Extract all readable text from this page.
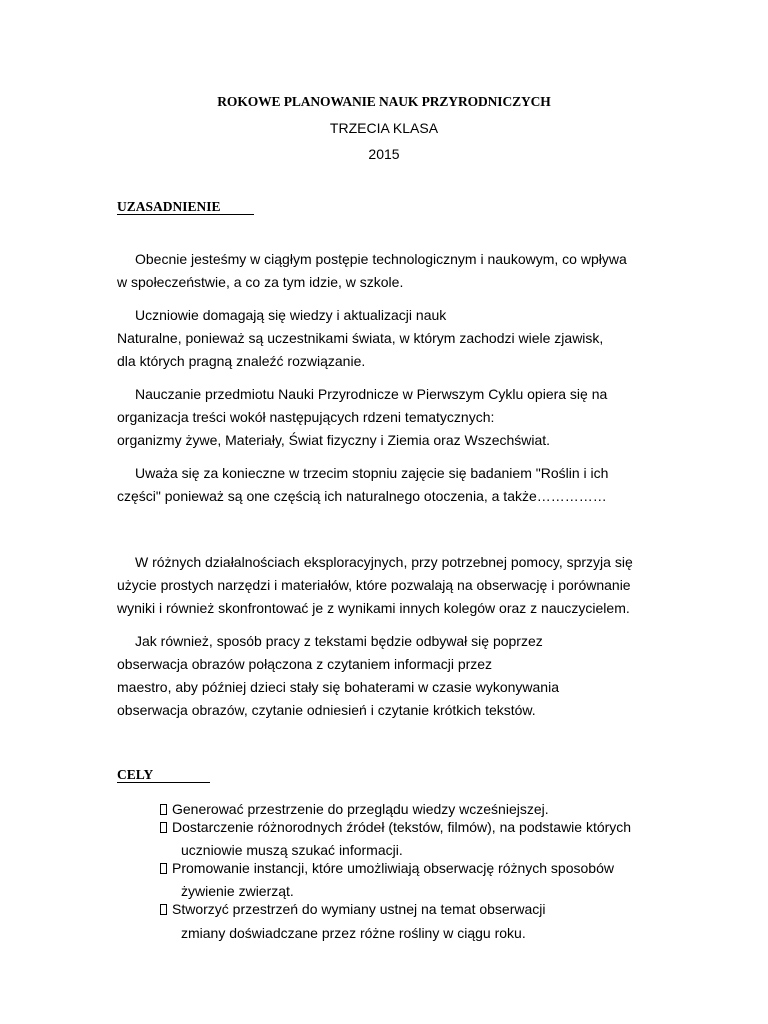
ROKOWE PLANOWANIE NAUK PRZYRODNICZYCH
TRZECIA KLASA
2015
UZASADNIENIE
Obecnie jesteśmy w ciągłym postępie technologicznym i naukowym, co wpływa
w społeczeństwie, a co za tym idzie, w szkole.
Uczniowie domagają się wiedzy i aktualizacji nauk
Naturalne, ponieważ są uczestnikami świata, w którym zachodzi wiele zjawisk,
dla których pragną znaleźć rozwiązanie.
Nauczanie przedmiotu Nauki Przyrodnicze w Pierwszym Cyklu opiera się na
organizacja treści wokół następujących rdzeni tematycznych:
organizmy żywe, Materiały, Świat fizyczny i Ziemia oraz Wszechświat.
Uważa się za konieczne w trzecim stopniu zajęcie się badaniem "Roślin i ich
części" ponieważ są one częścią ich naturalnego otoczenia, a także……………
W różnych działalnościach eksploracyjnych, przy potrzebnej pomocy, sprzyja się
użycie prostych narzędzi i materiałów, które pozwalają na obserwację i porównanie
wyniki i również skonfrontować je z wynikami innych kolegów oraz z nauczycielem.
Jak również, sposób pracy z tekstami będzie odbywał się poprzez
obserwacja obrazów połączona z czytaniem informacji przez
maestro, aby później dzieci stały się bohaterami w czasie wykonywania
obserwacja obrazów, czytanie odniesień i czytanie krótkich tekstów.
CELY
Generować przestrzenie do przeglądu wiedzy wcześniejszej.
Dostarczenie różnorodnych źródeł (tekstów, filmów), na podstawie których
uczniowie muszą szukać informacji.
Promowanie instancji, które umożliwiają obserwację różnych sposobów
żywienie zwierząt.
Stworzyć przestrzeń do wymiany ustnej na temat obserwacji
zmiany doświadczane przez różne rośliny w ciągu roku.
